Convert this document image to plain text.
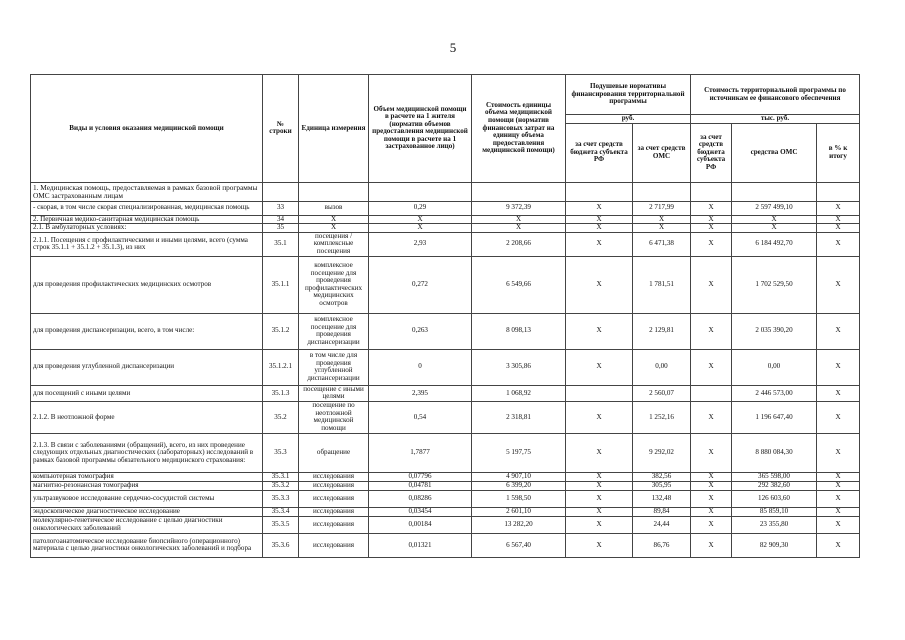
5
Виды и условия оказания медицинской помощи	№ строки	Единица измерения	Объем медицинской помощи в расчете на 1 жителя (норматив объемов предоставления медицинской помощи в расчете на 1 застрахованное лицо)	Стоимость единицы объема медицинской помощи (норматив финансовых затрат на единицу объема предоставления медицинской помощи)	Подушевые нормативы финансирования территориальной программы		Стоимость территориальной программы по источникам ее финансового обеспечения		
					руб.		тыс. руб.		
					за счет средств бюджета субъекта РФ	за счет средств ОМС	за счет средств бюджета субъекта РФ	средства ОМС	в % к итогу
1. Медицинская помощь, предоставляемая в рамках базовой программы ОМС застрахованным лицам									
- скорая, в том числе скорая специализированная, медицинская помощь	33	вызов	0,29	9 372,39	X	2 717,99	X	2 597 499,10	X
2. Первичная медико-санитарная медицинская помощь	34	X	X	X	X	X	X	X	X
2.1. В амбулаторных условиях:	35	X	X	X	X	X	X	X	X
2.1.1. Посещения с профилактическими и иными целями, всего (сумма строк 35.1.1 + 35.1.2 + 35.1.3), из них	35.1	посещения / комплексные посещения	2,93	2 208,66	X	6 471,38	X	6 184 492,70	X
для проведения профилактических медицинских осмотров	35.1.1	комплексное посещение для проведения профилактических медицинских осмотров	0,272	6 549,66	X	1 781,51	X	1 702 529,50	X
для проведения диспансеризации, всего, в том числе:	35.1.2	комплексное посещение для проведения диспансеризации	0,263	8 098,13	X	2 129,81	X	2 035 390,20	X
для проведения углубленной диспансеризации	35.1.2.1	в том числе для проведения углубленной диспансеризации	0	3 305,86	X	0,00	X	0,00	X
для посещений с иными целями	35.1.3	посещение с иными целями	2,395	1 068,92		2 560,07		2 446 573,00	X
2.1.2. В неотложной форме	35.2	посещение по неотложной медицинской помощи	0,54	2 318,81	X	1 252,16	X	1 196 647,40	X
2.1.3. В связи с заболеваниями (обращений), всего, из них проведение следующих отдельных диагностических (лабораторных) исследований в рамках базовой программы обязательного медицинского страхования:	35.3	обращение	1,7877	5 197,75	X	9 292,02	X	8 880 084,30	X
компьютерная томография	35.3.1	исследования	0,07796	4 907,10	X	382,56	X	365 598,00	X
магнитно-резонансная томография	35.3.2	исследования	0,04781	6 399,20	X	305,95	X	292 382,60	X
ультразвуковое исследование сердечно-сосудистой системы	35.3.3	исследования	0,08286	1 598,50	X	132,48	X	126 603,60	X
эндоскопическое диагностическое исследование	35.3.4	исследования	0,03454	2 601,10	X	89,84	X	85 859,10	X
молекулярно-генетическое исследование с целью диагностики онкологических заболеваний	35.3.5	исследования	0,00184	13 282,20	X	24,44	X	23 355,80	X
патологоанатомическое исследование биопсийного (операционного) материала с целью диагностики онкологических заболеваний и подбора	35.3.6	исследования	0,01321	6 567,40	X	86,76	X	82 909,30	X
